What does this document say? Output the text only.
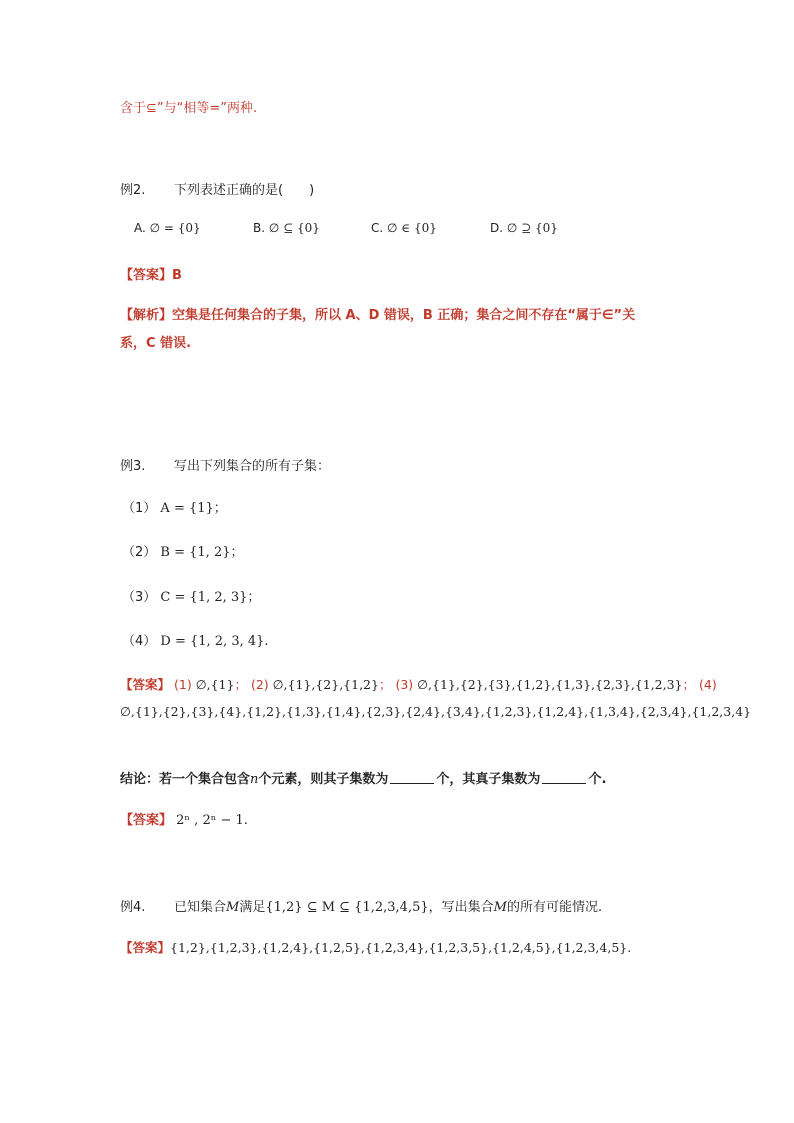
含于⊆”与“相等=”两种.
例2. 下列表述正确的是(　　)
A. ∅ = {0}	B. ∅ ⊆ {0}	C. ∅ ∈ {0}	D. ∅ ⊇ {0}
【答案】B
【解析】空集是任何集合的子集，所以 A、D 错误，B 正确；集合之间不存在“属于∈”关
系，C 错误.
例3. 写出下列集合的所有子集：
（1） A = {1}；
（2） B = {1, 2}；
（3） C = {1, 2, 3}；
（4） D = {1, 2, 3, 4}.
【答案】 (1) ∅,{1}； (2) ∅,{1},{2},{1,2}； (3) ∅,{1},{2},{3},{1,2},{1,3},{2,3},{1,2,3}； (4)
∅,{1},{2},{3},{4},{1,2},{1,3},{1,4},{2,3},{2,4},{3,4},{1,2,3},{1,2,4},{1,3,4},{2,3,4},{1,2,3,4}
结论：若一个集合包含n个元素，则其子集数为	个，其真子集数为	个.
【答案】 2ⁿ , 2ⁿ − 1.
例4. 已知集合M满足{1,2} ⊆ M ⊆ {1,2,3,4,5}，写出集合M的所有可能情况.
【答案】{1,2},{1,2,3},{1,2,4},{1,2,5},{1,2,3,4},{1,2,3,5},{1,2,4,5},{1,2,3,4,5}.
